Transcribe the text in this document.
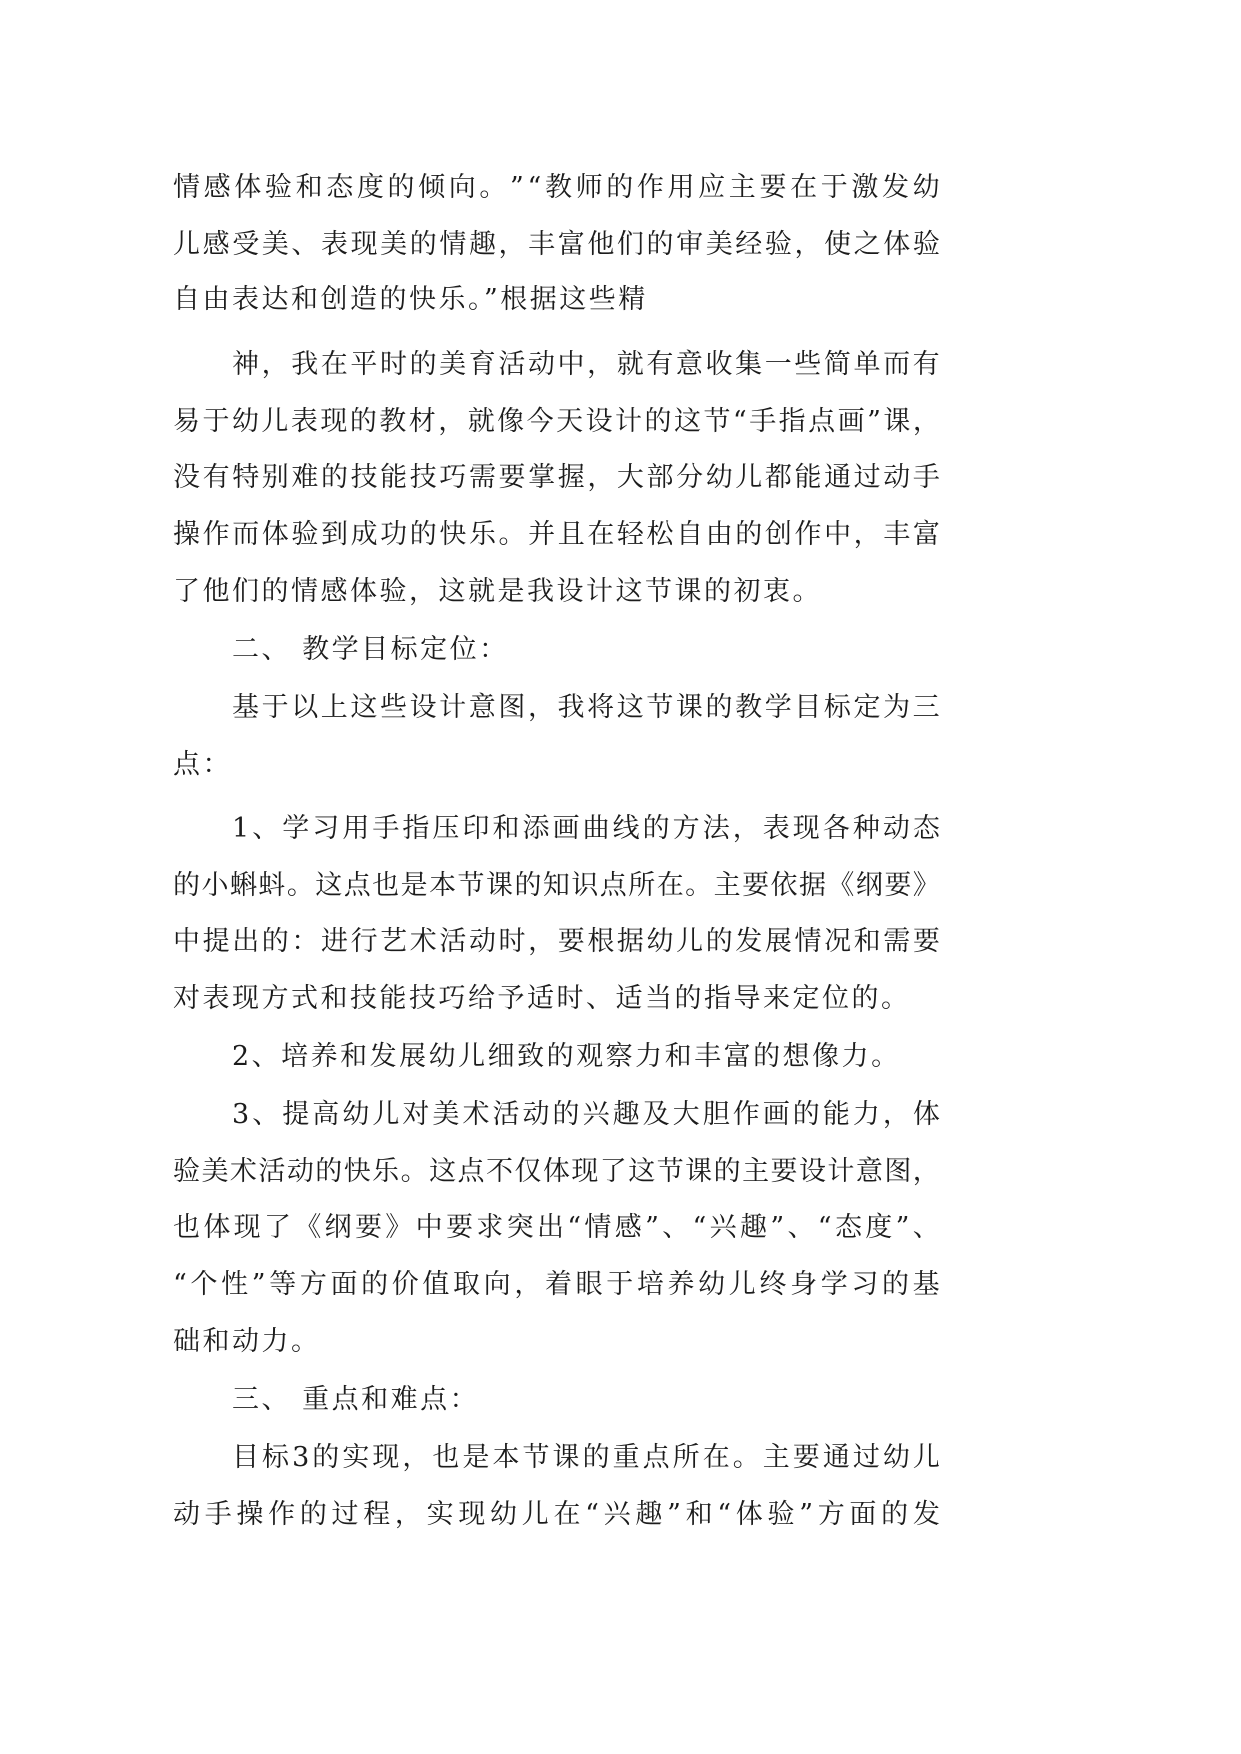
情 感 体 验 和 态 度 的 倾 向 。 ” “ 教 师 的 作 用 应 主 要 在 于 激 发 幼
儿 感 受 美 、 表 现 美 的 情 趣 ， 丰 富 他 们 的 审 美 经 验 ， 使 之 体 验
自由表达和创造的快乐。”根据这些精
神 ， 我 在 平 时 的 美 育 活 动 中 ， 就 有 意 收 集 一 些 简 单 而 有
易 于 幼 儿 表 现 的 教 材 ， 就 像 今 天 设 计 的 这 节 “ 手 指 点 画 ” 课 ，
没 有 特 别 难 的 技 能 技 巧 需 要 掌 握 ， 大 部 分 幼 儿 都 能 通 过 动 手
操 作 而 体 验 到 成 功 的 快 乐 。 并 且 在 轻 松 自 由 的 创 作 中 ， 丰 富
了他们的情感体验，这就是我设计这节课的初衷。
二、 教学目标定位：
基 于 以 上 这 些 设 计 意 图 ， 我 将 这 节 课 的 教 学 目 标 定 为 三
点：
1 、 学 习 用 手 指 压 印 和 添 画 曲 线 的 方 法 ， 表 现 各 种 动 态
的 小 蝌 蚪 。 这 点 也 是 本 节 课 的 知 识 点 所 在 。 主 要 依 据 《 纲 要 》
中 提 出 的 ： 进 行 艺 术 活 动 时 ， 要 根 据 幼 儿 的 发 展 情 况 和 需 要
对表现方式和技能技巧给予适时、适当的指导来定位的。
2、培养和发展幼儿细致的观察力和丰富的想像力。
3 、 提 高 幼 儿 对 美 术 活 动 的 兴 趣 及 大 胆 作 画 的 能 力 ， 体
验 美 术 活 动 的 快 乐 。 这 点 不 仅 体 现 了 这 节 课 的 主 要 设 计 意 图 ，
也 体 现 了 《 纲 要 》 中 要 求 突 出 “ 情 感 ” 、 “ 兴 趣 ” 、 “ 态 度 ” 、
“ 个 性 ” 等 方 面 的 价 值 取 向 ， 着 眼 于 培 养 幼 儿 终 身 学 习 的 基
础和动力。
三、 重点和难点：
目 标 3 的 实 现 ， 也 是 本 节 课 的 重 点 所 在 。 主 要 通 过 幼 儿
动 手 操 作 的 过 程 ， 实 现 幼 儿 在 “ 兴 趣 ” 和 “ 体 验 ” 方 面 的 发
